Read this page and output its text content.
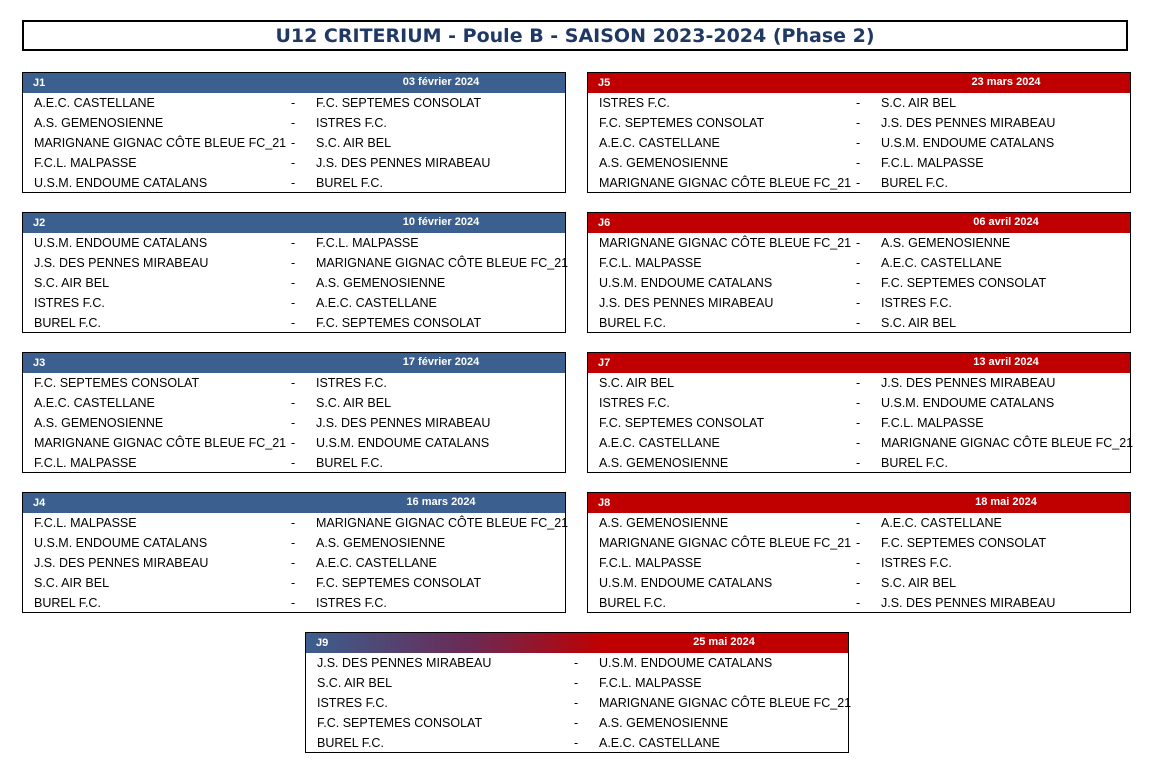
U12 CRITERIUM - Poule B - SAISON 2023-2024 (Phase 2)
J1	03 février 2024
A.E.C. CASTELLANE	- F.C. SEPTEMES CONSOLAT
A.S. GEMENOSIENNE	- ISTRES F.C.
MARIGNANE GIGNAC CÔTE BLEUE FC_21 - S.C. AIR BEL
F.C.L. MALPASSE	- J.S. DES PENNES MIRABEAU
U.S.M. ENDOUME CATALANS	- BUREL F.C.
J2	10 février 2024
U.S.M. ENDOUME CATALANS	- F.C.L. MALPASSE
J.S. DES PENNES MIRABEAU	- MARIGNANE GIGNAC CÔTE BLEUE FC_21
S.C. AIR BEL	- A.S. GEMENOSIENNE
ISTRES F.C.	- A.E.C. CASTELLANE
BUREL F.C.	- F.C. SEPTEMES CONSOLAT
J3	17 février 2024
F.C. SEPTEMES CONSOLAT	- ISTRES F.C.
A.E.C. CASTELLANE	- S.C. AIR BEL
A.S. GEMENOSIENNE	- J.S. DES PENNES MIRABEAU
MARIGNANE GIGNAC CÔTE BLEUE FC_21 - U.S.M. ENDOUME CATALANS
F.C.L. MALPASSE	- BUREL F.C.
J4	16 mars 2024
F.C.L. MALPASSE	- MARIGNANE GIGNAC CÔTE BLEUE FC_21
U.S.M. ENDOUME CATALANS	- A.S. GEMENOSIENNE
J.S. DES PENNES MIRABEAU	- A.E.C. CASTELLANE
S.C. AIR BEL	- F.C. SEPTEMES CONSOLAT
BUREL F.C.	- ISTRES F.C.
J5	23 mars 2024
ISTRES F.C.	- S.C. AIR BEL
F.C. SEPTEMES CONSOLAT	- J.S. DES PENNES MIRABEAU
A.E.C. CASTELLANE	- U.S.M. ENDOUME CATALANS
A.S. GEMENOSIENNE	- F.C.L. MALPASSE
MARIGNANE GIGNAC CÔTE BLEUE FC_21 - BUREL F.C.
J6	06 avril 2024
MARIGNANE GIGNAC CÔTE BLEUE FC_21 - A.S. GEMENOSIENNE
F.C.L. MALPASSE	- A.E.C. CASTELLANE
U.S.M. ENDOUME CATALANS	- F.C. SEPTEMES CONSOLAT
J.S. DES PENNES MIRABEAU	- ISTRES F.C.
BUREL F.C.	- S.C. AIR BEL
J7	13 avril 2024
S.C. AIR BEL	- J.S. DES PENNES MIRABEAU
ISTRES F.C.	- U.S.M. ENDOUME CATALANS
F.C. SEPTEMES CONSOLAT	- F.C.L. MALPASSE
A.E.C. CASTELLANE	- MARIGNANE GIGNAC CÔTE BLEUE FC_21
A.S. GEMENOSIENNE	- BUREL F.C.
J8	18 mai 2024
A.S. GEMENOSIENNE	- A.E.C. CASTELLANE
MARIGNANE GIGNAC CÔTE BLEUE FC_21 - F.C. SEPTEMES CONSOLAT
F.C.L. MALPASSE	- ISTRES F.C.
U.S.M. ENDOUME CATALANS	- S.C. AIR BEL
BUREL F.C.	- J.S. DES PENNES MIRABEAU
J9	25 mai 2024
J.S. DES PENNES MIRABEAU	- U.S.M. ENDOUME CATALANS
S.C. AIR BEL	- F.C.L. MALPASSE
ISTRES F.C.	- MARIGNANE GIGNAC CÔTE BLEUE FC_21
F.C. SEPTEMES CONSOLAT	- A.S. GEMENOSIENNE
BUREL F.C.	- A.E.C. CASTELLANE
